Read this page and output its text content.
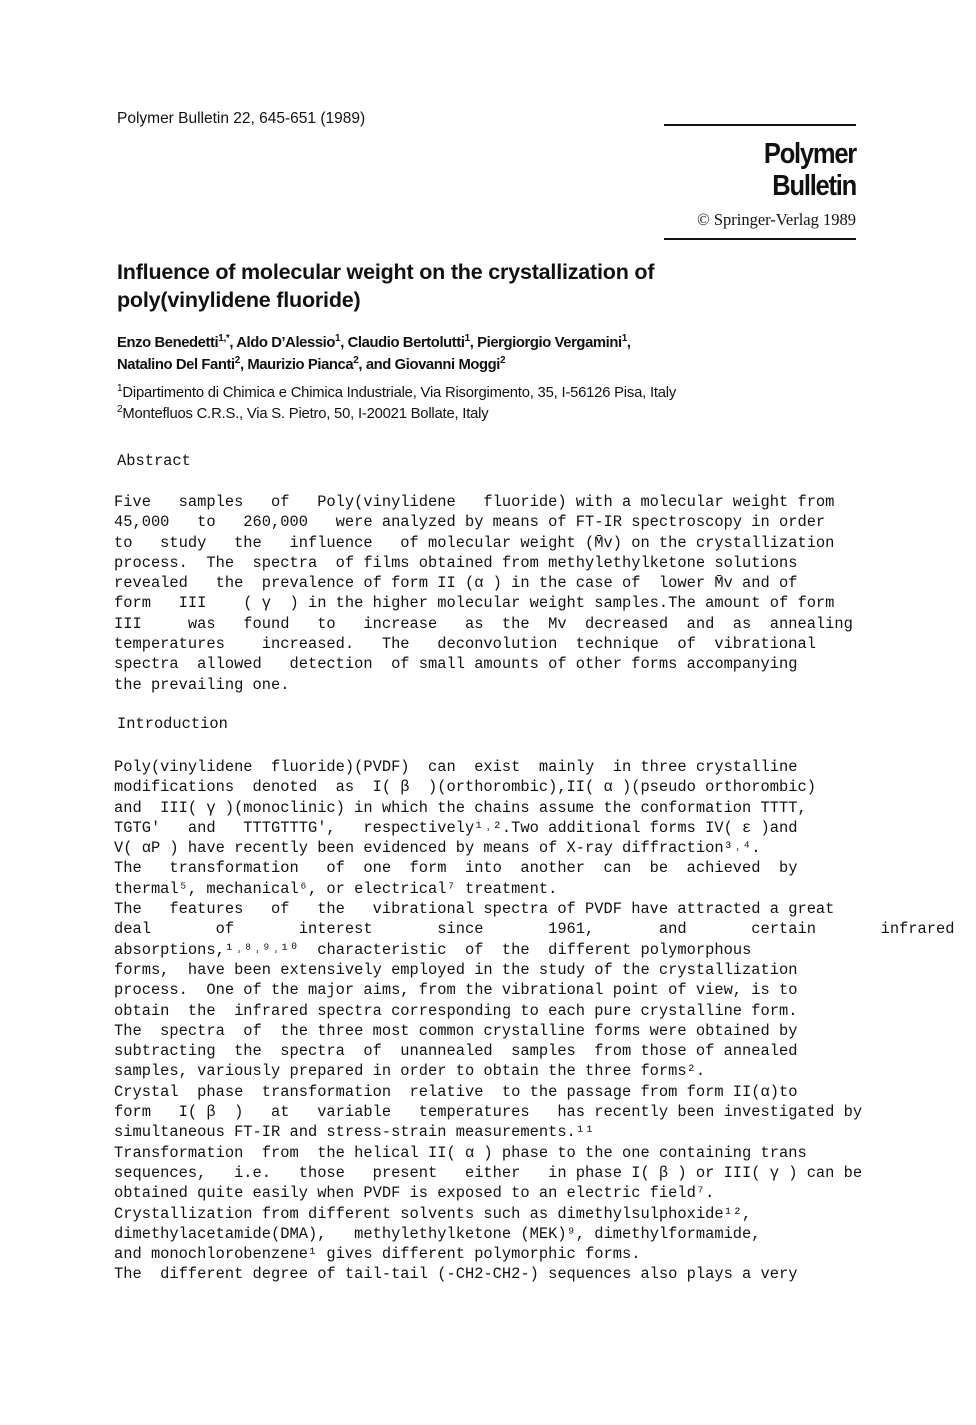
Polymer Bulletin 22, 645-651 (1989)
Polymer Bulletin
© Springer-Verlag 1989
Influence of molecular weight on the crystallization of
poly(vinylidene fluoride)
Enzo Benedetti$^{1,*}$, Aldo D’Alessio$^1$, Claudio Bertolutti$^1$, Piergiorgio Vergamini$^1$,
Natalino Del Fanti$^2$, Maurizio Pianca$^2$, and Giovanni Moggi$^2$
$^1$Dipartimento di Chimica e Chimica Industriale, Via Risorgimento, 35, I-56126 Pisa, Italy
$^2$Montefluos C.R.S., Via S. Pietro, 50, I-20021 Bollate, Italy
Abstract
Five   samples   of   Poly(vinylidene   fluoride) with a molecular weight from
45,000   to   260,000   were analyzed by means of FT-IR spectroscopy in order
to   study   the   influence   of molecular weight (M̄v) on the crystallization
process.  The  spectra  of films obtained from methylethylketone solutions
revealed   the  prevalence of form II (α ) in the case of  lower M̄v and of
form   III    ( γ  ) in the higher molecular weight samples.The amount of form
III     was   found   to   increase   as  the  Mv  decreased  and  as  annealing
temperatures    increased.   The   deconvolution  technique  of  vibrational
spectra  allowed   detection  of small amounts of other forms accompanying
the prevailing one.
Introduction
Poly(vinylidene  fluoride)(PVDF)  can  exist  mainly  in three crystalline
modifications  denoted  as  I( β  )(orthorombic),II( α )(pseudo orthorombic)
and  III( γ )(monoclinic) in which the chains assume the conformation TTTT,
TGTG'   and   TTTGTTTG',   respectively¹˒².Two additional forms IV( ε )and
V( αP ) have recently been evidenced by means of X-ray diffraction³˒⁴.
The   transformation   of  one  form  into  another  can  be  achieved  by
thermal⁵, mechanical⁶, or electrical⁷ treatment.
The   features   of   the   vibrational spectra of PVDF have attracted a great
deal       of       interest       since       1961,       and       certain       infrared
absorptions,¹˒⁸˒⁹˒¹⁰  characteristic  of  the  different polymorphous
forms,  have been extensively employed in the study of the crystallization
process.  One of the major aims, from the vibrational point of view, is to
obtain  the  infrared spectra corresponding to each pure crystalline form.
The  spectra  of  the three most common crystalline forms were obtained by
subtracting  the  spectra  of  unannealed  samples  from those of annealed
samples, variously prepared in order to obtain the three forms².
Crystal  phase  transformation  relative  to the passage from form II(α)to
form   I( β  )   at   variable   temperatures   has recently been investigated by
simultaneous FT-IR and stress-strain measurements.¹¹
Transformation  from  the helical II( α ) phase to the one containing trans
sequences,   i.e.   those   present   either   in phase I( β ) or III( γ ) can be
obtained quite easily when PVDF is exposed to an electric field⁷.
Crystallization from different solvents such as dimethylsulphoxide¹²,
dimethylacetamide(DMA),   methylethylketone (MEK)⁹, dimethylformamide,
and monochlorobenzene¹ gives different polymorphic forms.
The  different degree of tail-tail (-CH2-CH2-) sequences also plays a very
